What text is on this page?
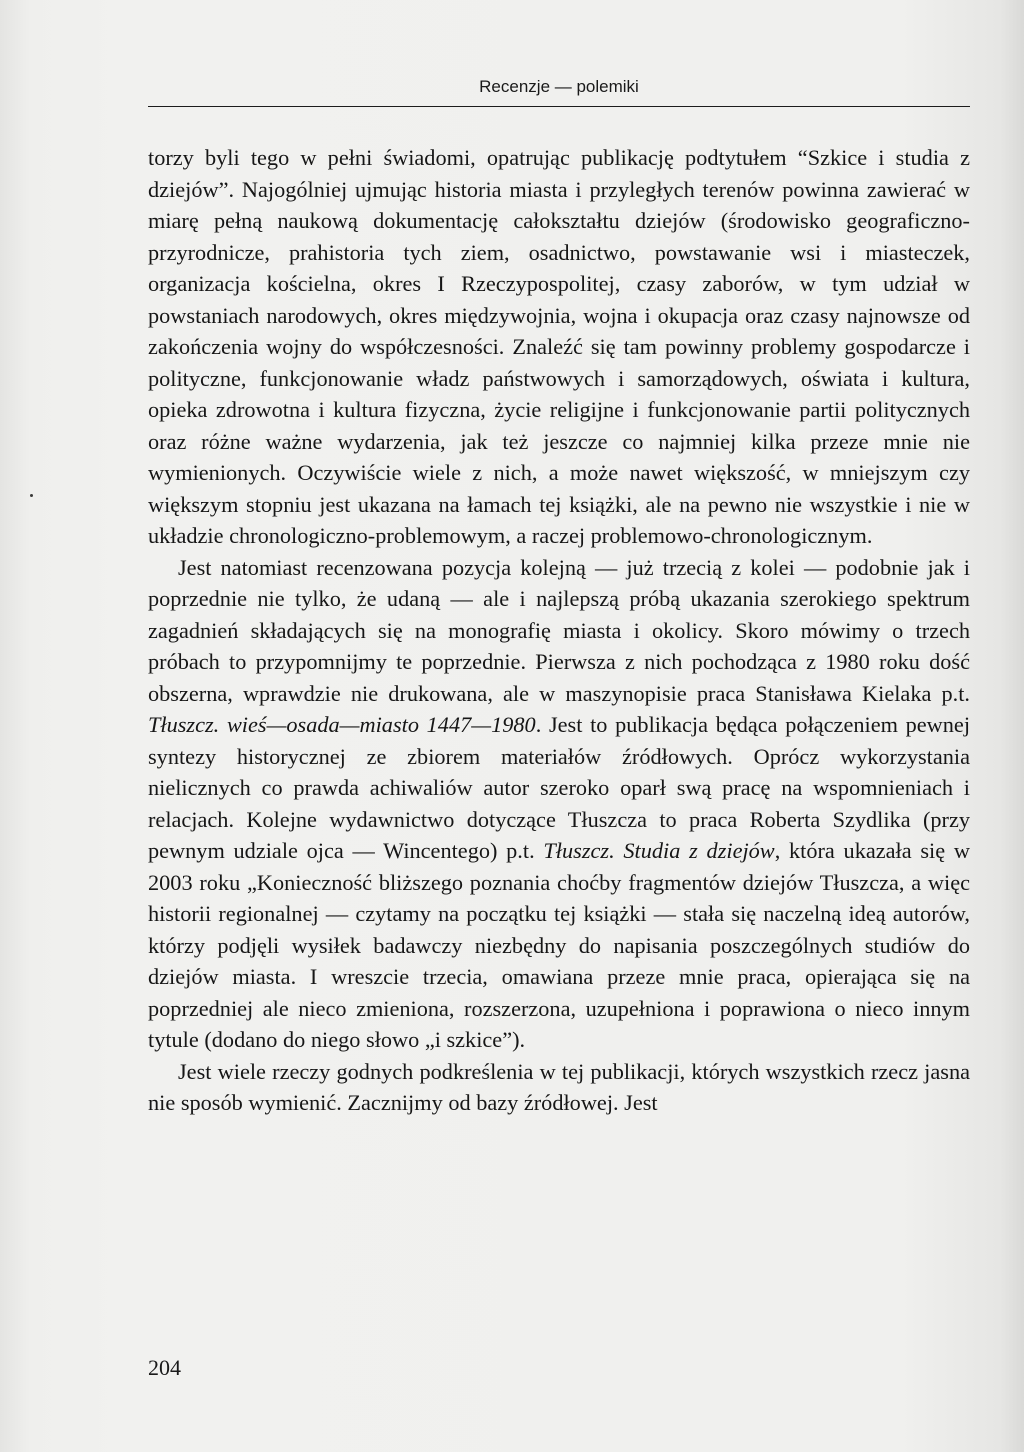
Recenzje — polemiki

torzy byli tego w pełni świadomi, opatrując publikację podtytułem “Szkice i studia z dziejów”. Najogólniej ujmując historia miasta i przyległych terenów powinna zawierać w miarę pełną naukową dokumentację całokształtu dziejów (środowisko geograficzno-przyrodnicze, prahistoria tych ziem, osadnictwo, powstawanie wsi i miasteczek, organizacja kościelna, okres I Rzeczypospolitej, czasy zaborów, w tym udział w powstaniach narodowych, okres międzywojnia, wojna i okupacja oraz czasy najnowsze od zakończenia wojny do współczesności. Znaleźć się tam powinny problemy gospodarcze i polityczne, funkcjonowanie władz państwowych i samorządowych, oświata i kultura, opieka zdrowotna i kultura fizyczna, życie religijne i funkcjonowanie partii politycznych oraz różne ważne wydarzenia, jak też jeszcze co najmniej kilka przeze mnie nie wymienionych. Oczywiście wiele z nich, a może nawet większość, w mniejszym czy większym stopniu jest ukazana na łamach tej książki, ale na pewno nie wszystkie i nie w układzie chronologiczno-problemowym, a raczej problemowo-chronologicznym.

Jest natomiast recenzowana pozycja kolejną — już trzecią z kolei — podobnie jak i poprzednie nie tylko, że udaną — ale i najlepszą próbą ukazania szerokiego spektrum zagadnień składających się na monografię miasta i okolicy. Skoro mówimy o trzech próbach to przypomnijmy te poprzednie. Pierwsza z nich pochodząca z 1980 roku dość obszerna, wprawdzie nie drukowana, ale w maszynopisie praca Stanisława Kielaka p.t. Tłuszcz. wieś—osada—miasto 1447—1980. Jest to publikacja będąca połączeniem pewnej syntezy historycznej ze zbiorem materiałów źródłowych. Oprócz wykorzystania nielicznych co prawda achiwaliów autor szeroko oparł swą pracę na wspomnieniach i relacjach. Kolejne wydawnictwo dotyczące Tłuszcza to praca Roberta Szydlika (przy pewnym udziale ojca — Wincentego) p.t. Tłuszcz. Studia z dziejów, która ukazała się w 2003 roku „Konieczność bliższego poznania choćby fragmentów dziejów Tłuszcza, a więc historii regionalnej — czytamy na początku tej książki — stała się naczelną ideą autorów, którzy podjęli wysiłek badawczy niezbędny do napisania poszczególnych studiów do dziejów miasta. I wreszcie trzecia, omawiana przeze mnie praca, opierająca się na poprzedniej ale nieco zmieniona, rozszerzona, uzupełniona i poprawiona o nieco innym tytule (dodano do niego słowo „i szkice”).

Jest wiele rzeczy godnych podkreślenia w tej publikacji, których wszystkich rzecz jasna nie sposób wymienić. Zacznijmy od bazy źródłowej. Jest

204
